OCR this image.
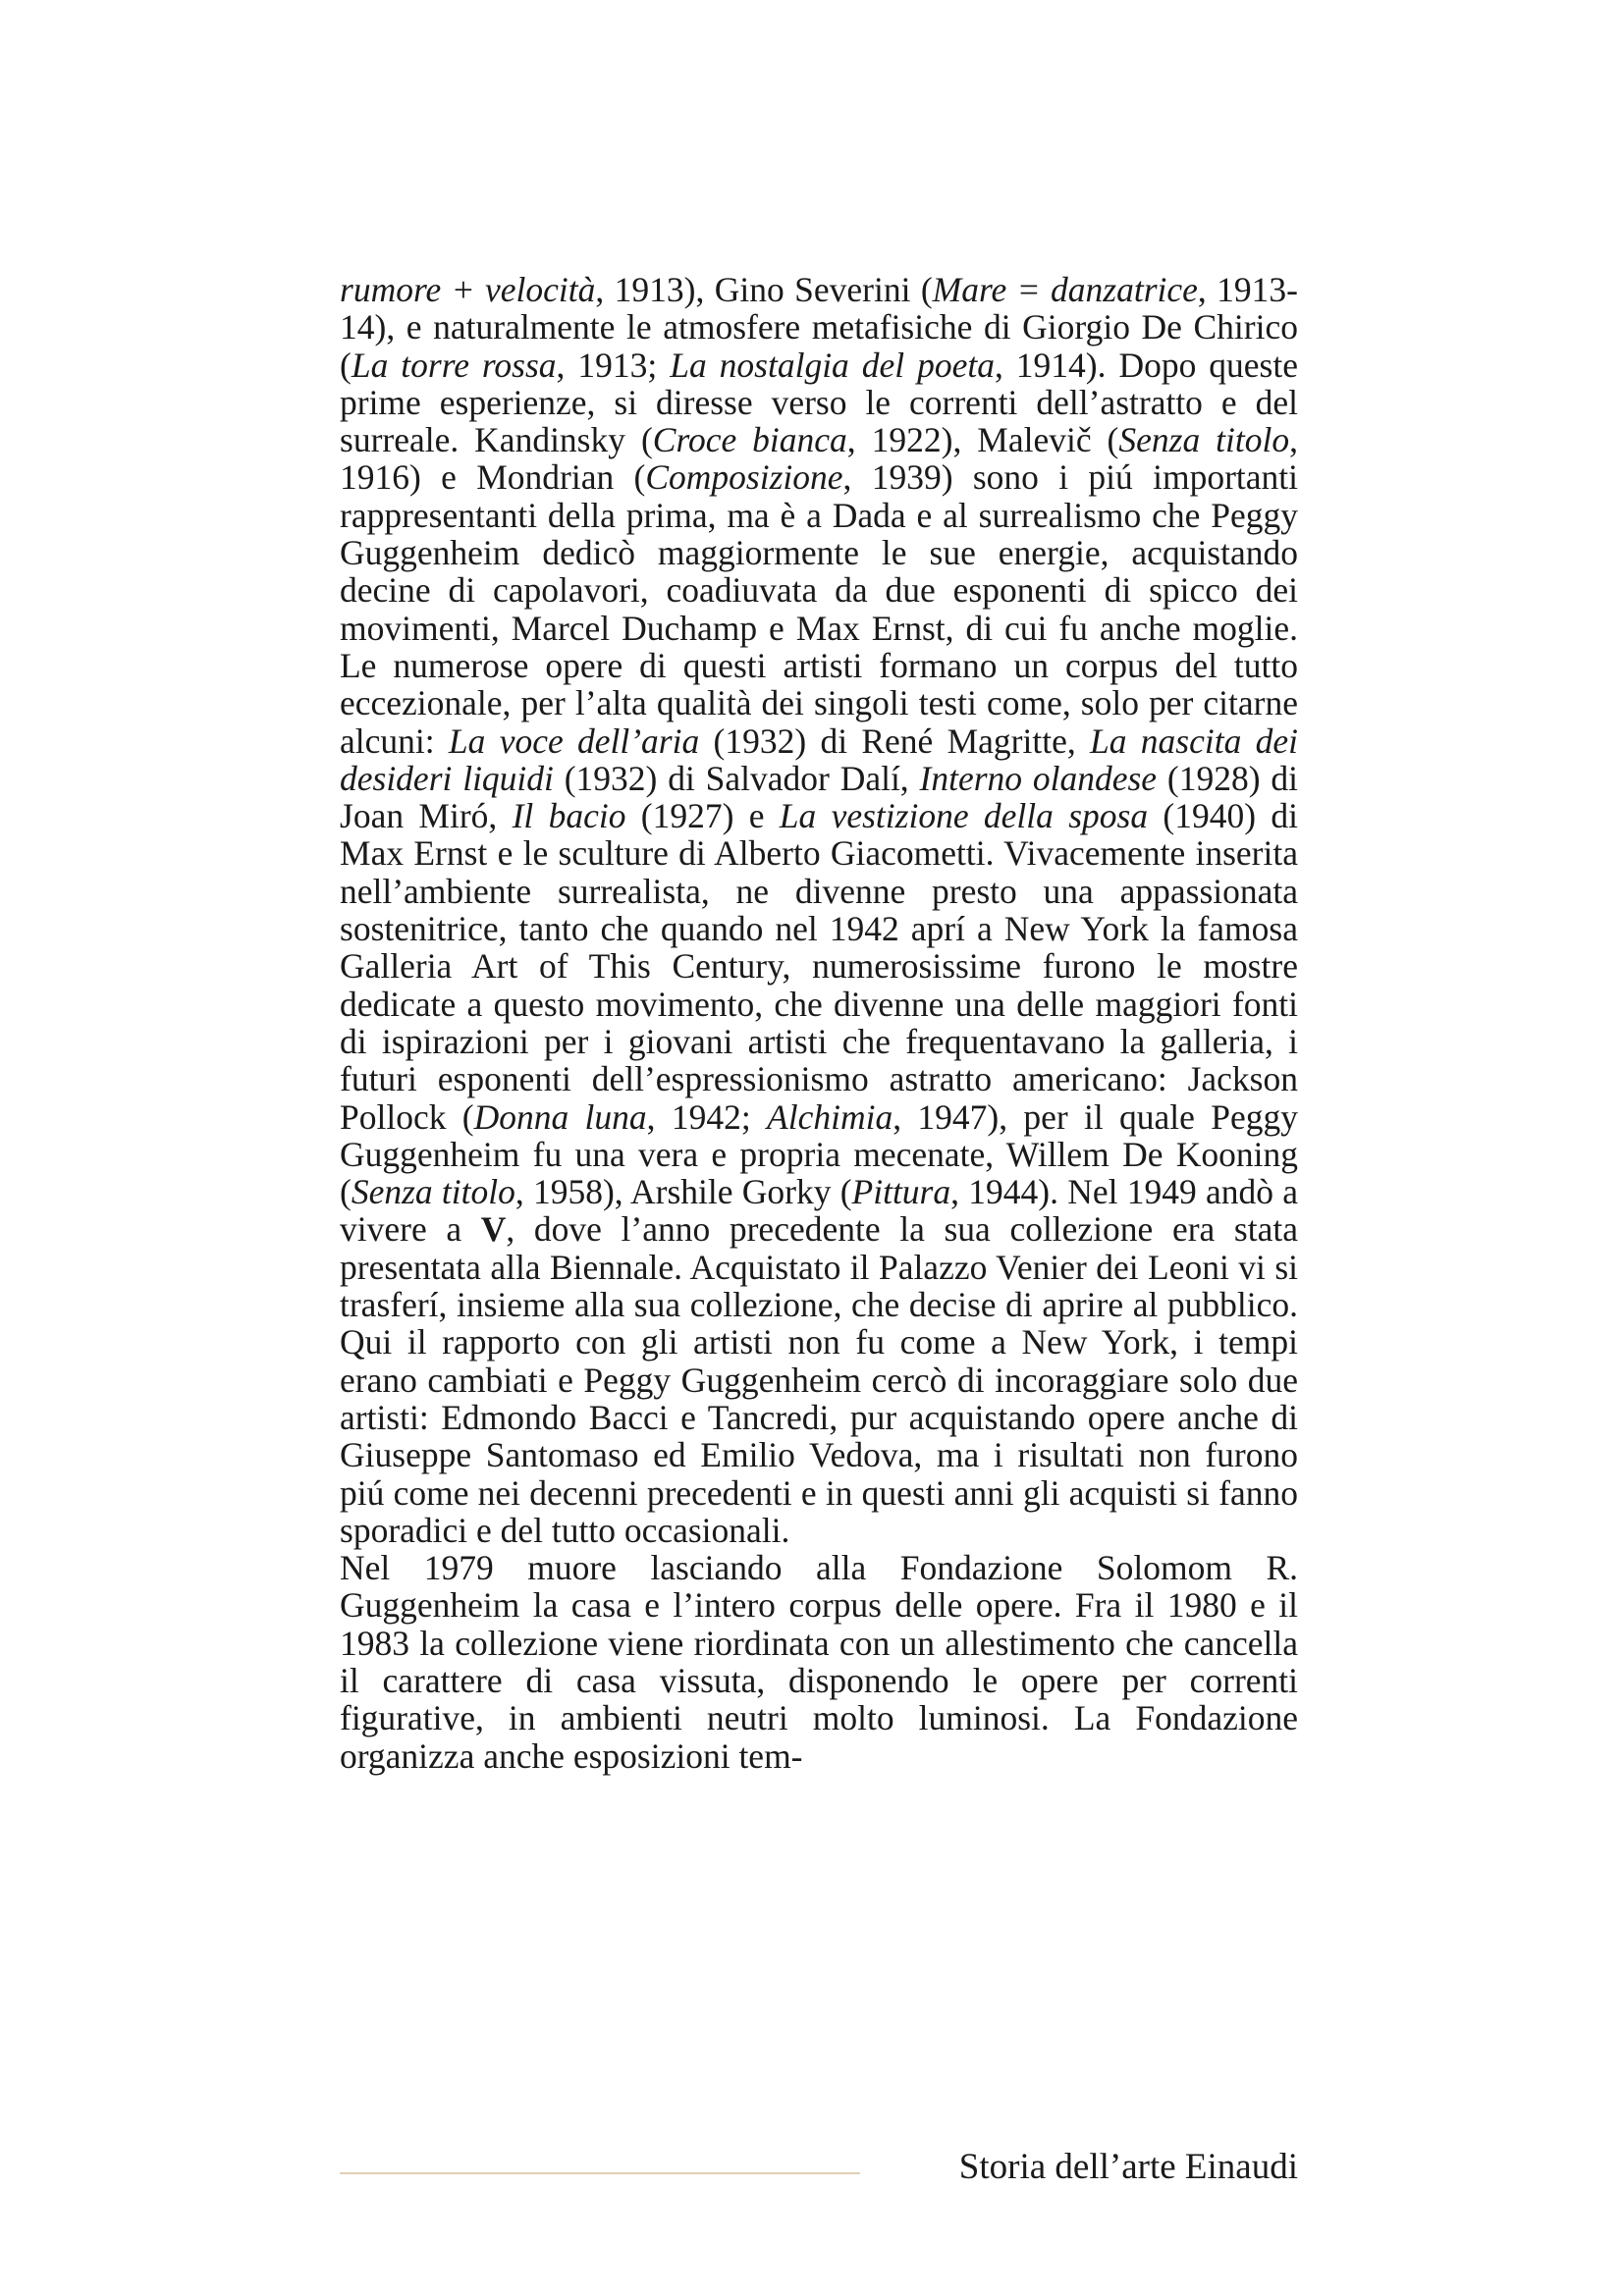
rumore + velocità, 1913), Gino Severini (Mare = danzatrice, 1913-14), e naturalmente le atmosfere metafisiche di Giorgio De Chirico (La torre rossa, 1913; La nostalgia del poeta, 1914). Dopo queste prime esperienze, si diresse verso le correnti dell’astratto e del surreale. Kandinsky (Croce bianca, 1922), Malevič (Senza titolo, 1916) e Mondrian (Composizione, 1939) sono i piú importanti rappresentanti della prima, ma è a Dada e al surrealismo che Peggy Guggenheim dedicò maggiormente le sue energie, acquistando decine di capolavori, coadiuvata da due esponenti di spicco dei movimenti, Marcel Duchamp e Max Ernst, di cui fu anche moglie. Le numerose opere di questi artisti formano un corpus del tutto eccezionale, per l’alta qualità dei singoli testi come, solo per citarne alcuni: La voce dell’aria (1932) di René Magritte, La nascita dei desideri liquidi (1932) di Salvador Dalí, Interno olandese (1928) di Joan Miró, Il bacio (1927) e La vestizione della sposa (1940) di Max Ernst e le sculture di Alberto Giacometti. Vivacemente inserita nell’ambiente surrealista, ne divenne presto una appassionata sostenitrice, tanto che quando nel 1942 aprí a New York la famosa Galleria Art of This Century, numerosissime furono le mostre dedicate a questo movimento, che divenne una delle maggiori fonti di ispirazioni per i giovani artisti che frequentavano la galleria, i futuri esponenti dell’espressionismo astratto americano: Jackson Pollock (Donna luna, 1942; Alchimia, 1947), per il quale Peggy Guggenheim fu una vera e propria mecenate, Willem De Kooning (Senza titolo, 1958), Arshile Gorky (Pittura, 1944). Nel 1949 andò a vivere a V, dove l’anno precedente la sua collezione era stata presentata alla Biennale. Acquistato il Palazzo Venier dei Leoni vi si trasferí, insieme alla sua collezione, che decise di aprire al pubblico. Qui il rapporto con gli artisti non fu come a New York, i tempi erano cambiati e Peggy Guggenheim cercò di incoraggiare solo due artisti: Edmondo Bacci e Tancredi, pur acquistando opere anche di Giuseppe Santomaso ed Emilio Vedova, ma i risultati non furono piú come nei decenni precedenti e in questi anni gli acquisti si fanno sporadici e del tutto occasionali.

Nel 1979 muore lasciando alla Fondazione Solomom R. Guggenheim la casa e l’intero corpus delle opere. Fra il 1980 e il 1983 la collezione viene riordinata con un allestimento che cancella il carattere di casa vissuta, disponendo le opere per correnti figurative, in ambienti neutri molto luminosi. La Fondazione organizza anche esposizioni tem-

Storia dell’arte Einaudi
